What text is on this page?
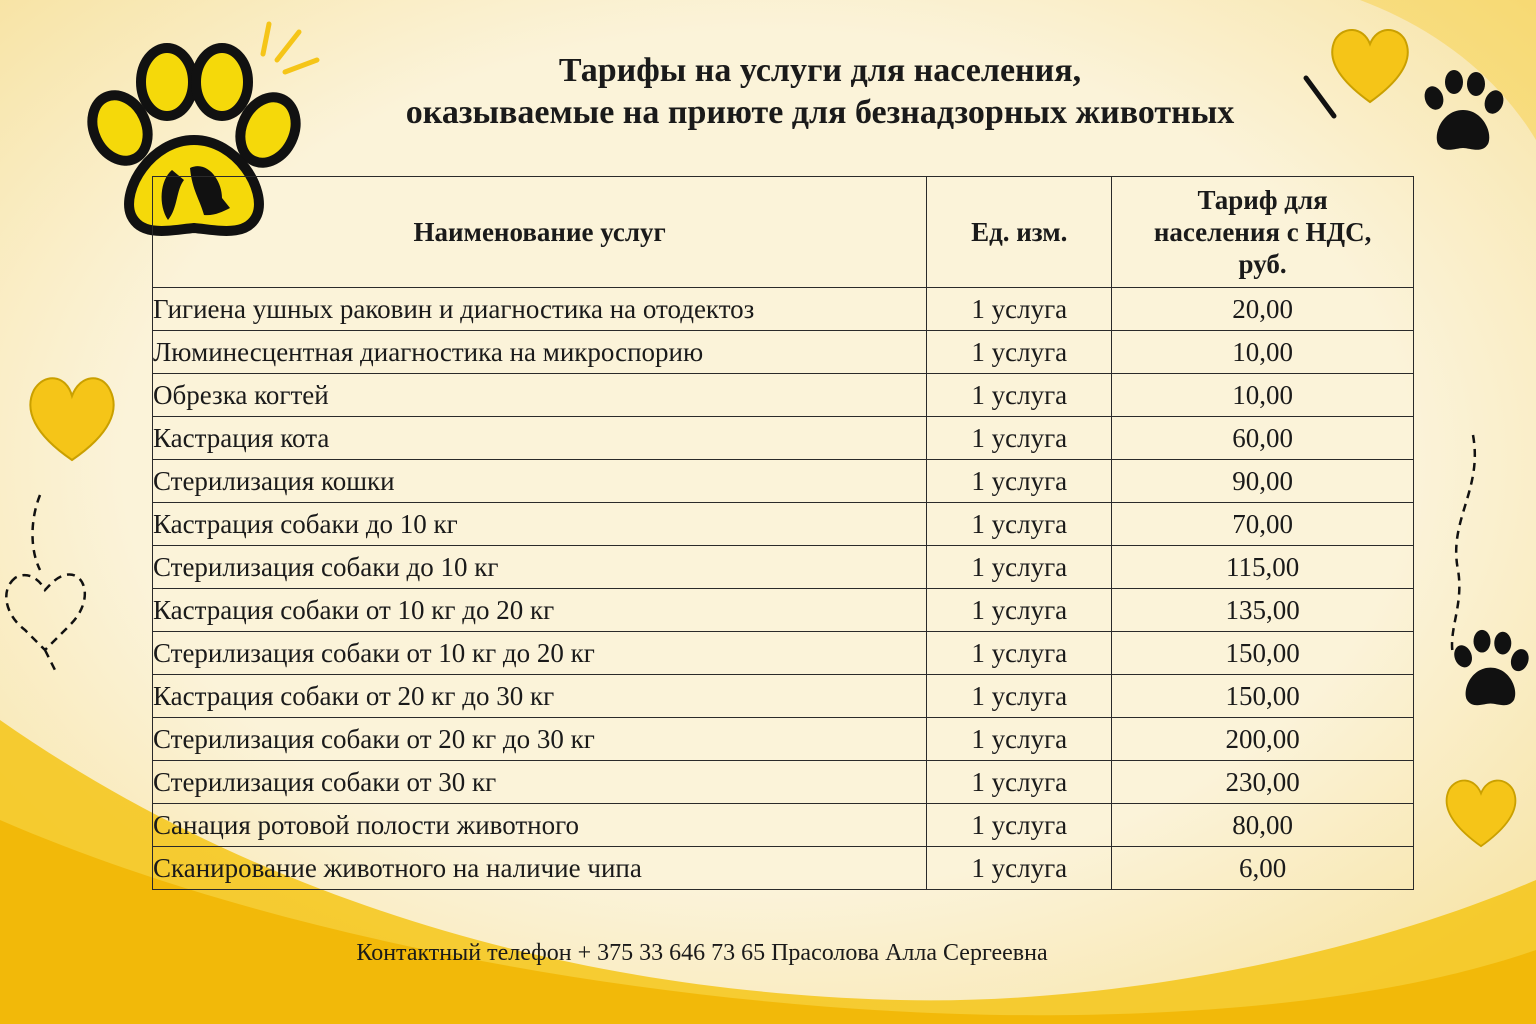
Тарифы на услуги для населения,
оказываемые на приюте для безнадзорных животных
Наименование услуг	Ед. изм.	Тариф для
населения с НДС,
руб.
Гигиена ушных раковин и диагностика на отодектоз	1 услуга	20,00
Люминесцентная диагностика на микроспорию	1 услуга	10,00
Обрезка когтей	1 услуга	10,00
Кастрация кота	1 услуга	60,00
Стерилизация кошки	1 услуга	90,00
Кастрация собаки до 10 кг	1 услуга	70,00
Стерилизация собаки до 10 кг	1 услуга	115,00
Кастрация собаки от 10 кг до 20 кг	1 услуга	135,00
Стерилизация собаки от 10 кг до 20 кг	1 услуга	150,00
Кастрация собаки от 20 кг до 30 кг	1 услуга	150,00
Стерилизация собаки от 20 кг до 30 кг	1 услуга	200,00
Стерилизация собаки от 30 кг	1 услуга	230,00
Санация ротовой полости животного	1 услуга	80,00
Сканирование животного на наличие чипа	1 услуга	6,00
Контактный телефон + 375 33 646 73 65 Прасолова Алла Сергеевна
